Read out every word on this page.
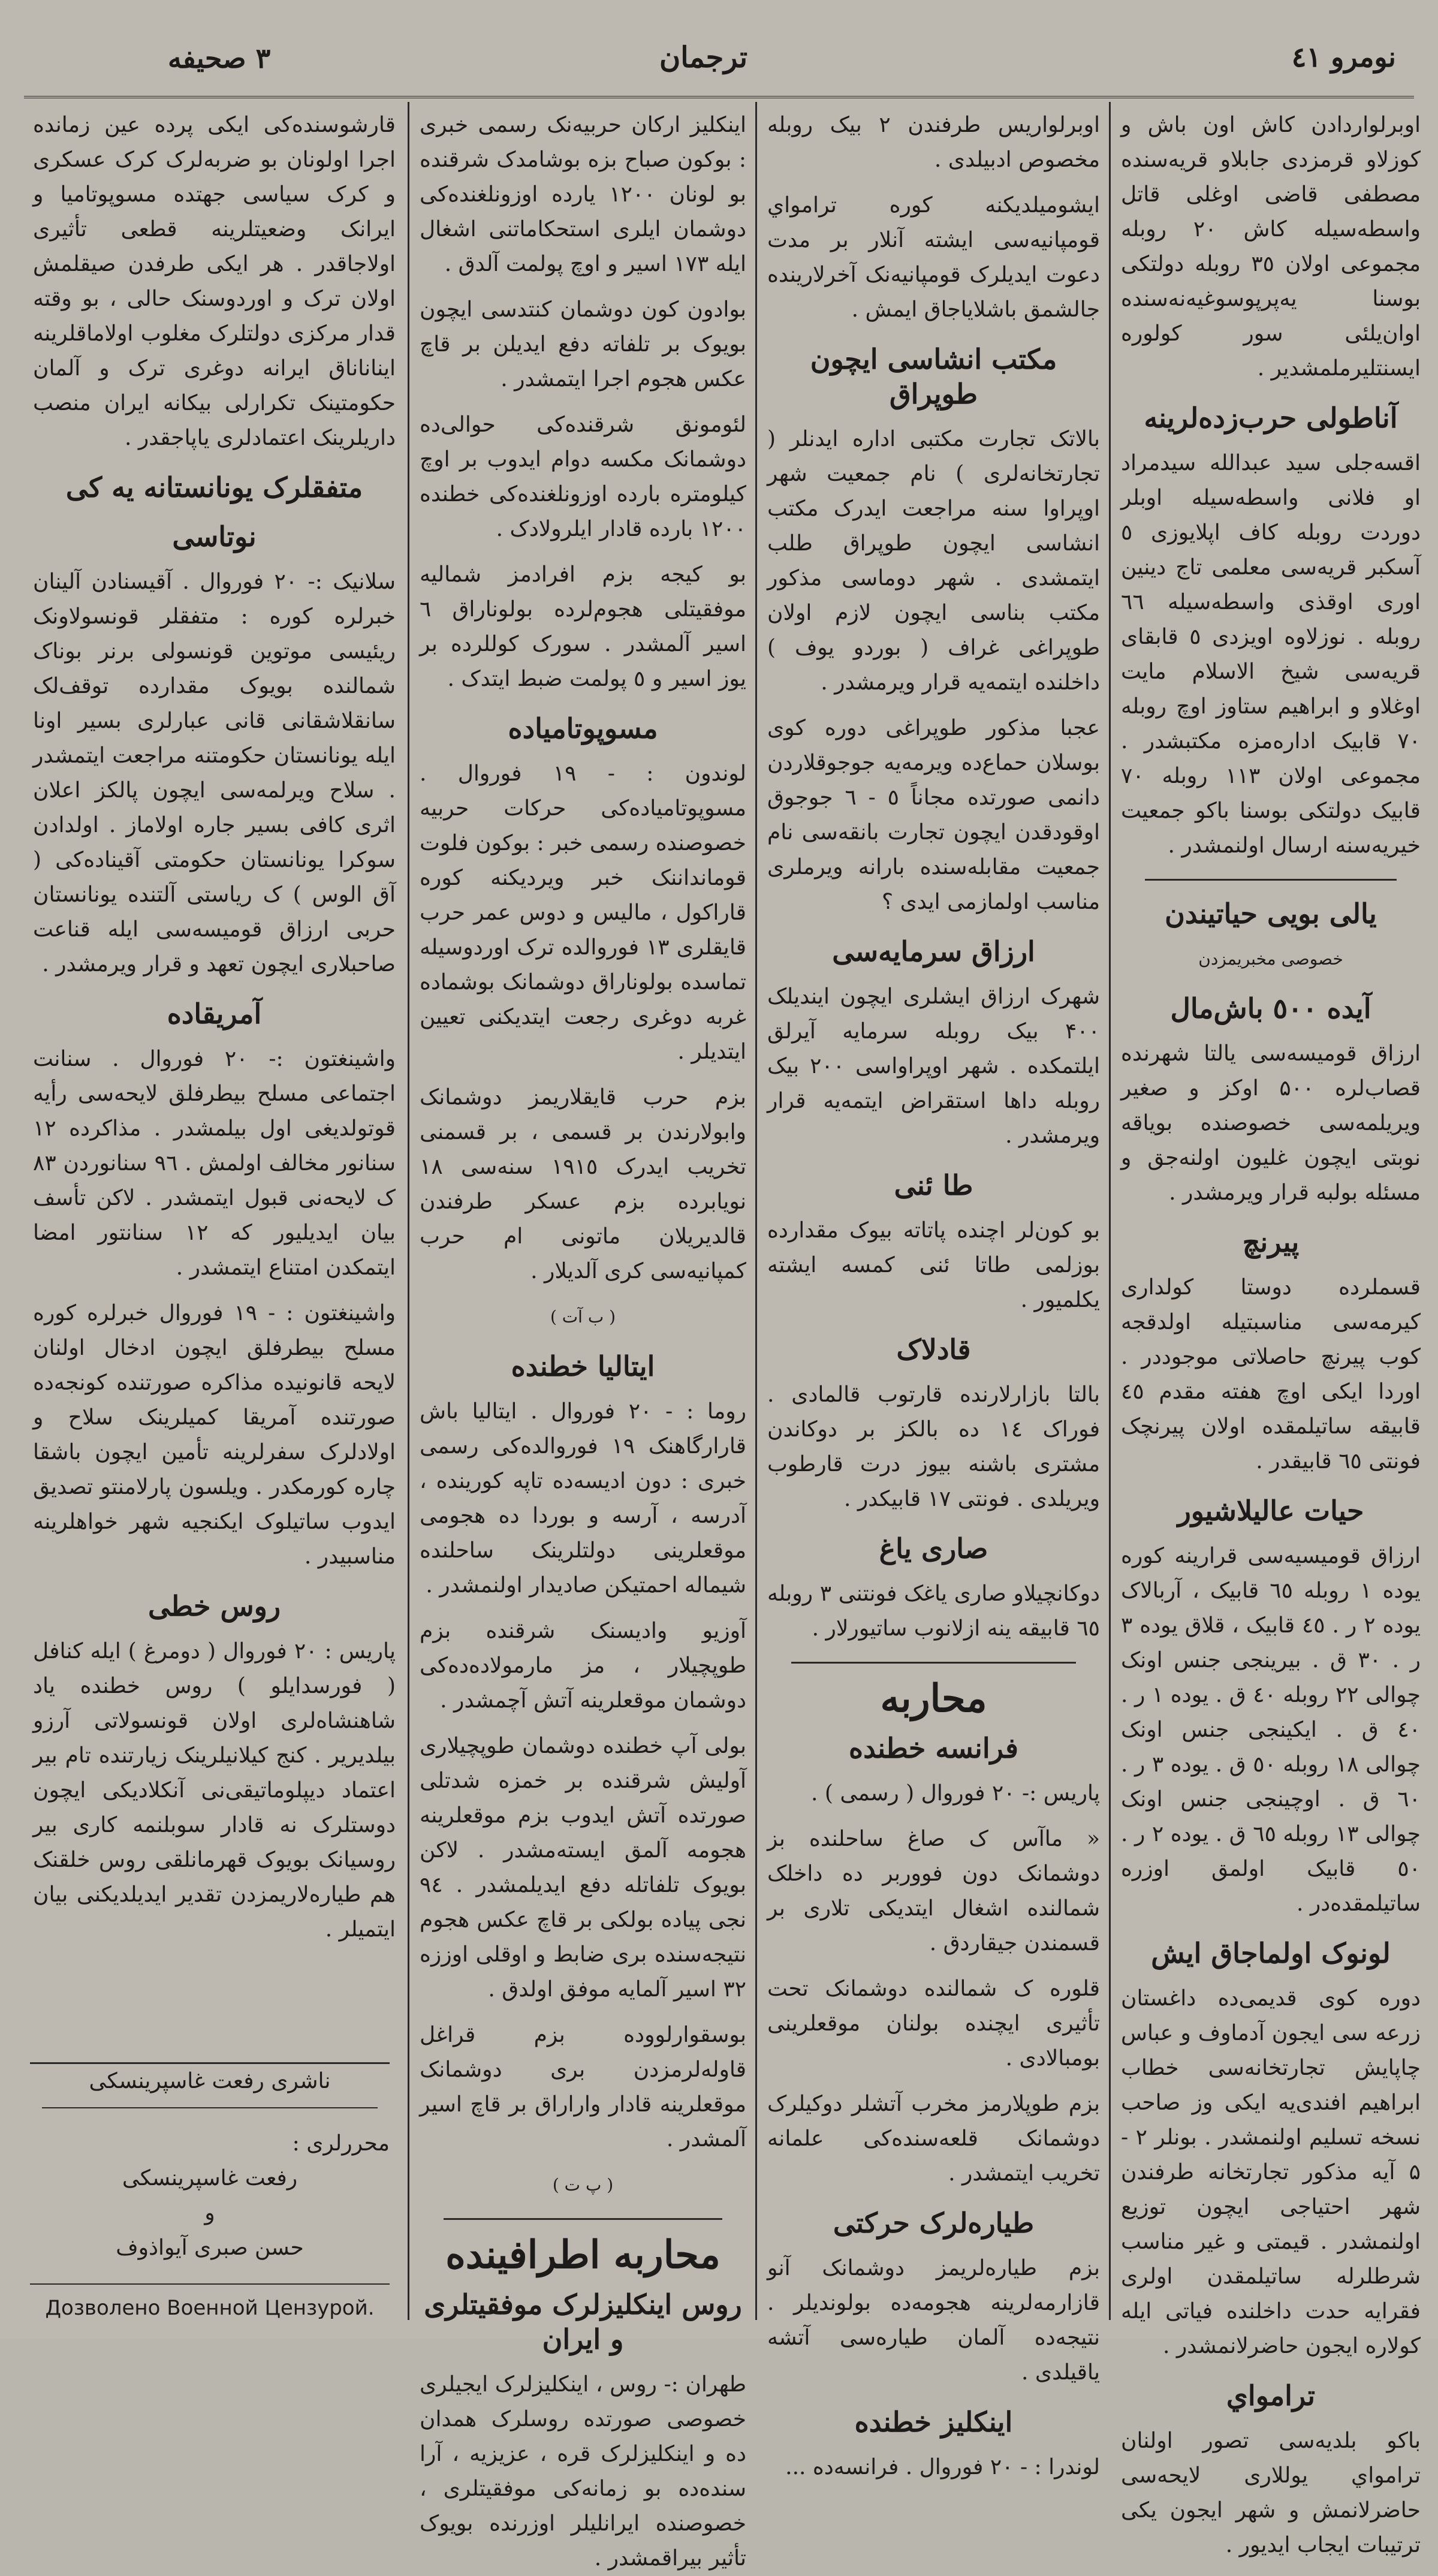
٣ صحیفه	ترجمان	نومرو ٤١

اوبرلواردادن کاش اون باش و کوزلاو قرمزدی جابلاو قریه‌سنده مصطفی قاضی اوغلی قاتل واسطه‌سیله کاش ٢٠ روبله مجموعی اولان ٣٥ روبله دولتکی بوسنا یه‌پرپوسوغیه‌نه‌سنده اوان‌یلئی سور کولوره ایسنتلیرملمشدیر .

آناطولی حرب‌زده‌لرینه

اقسه‌جلی سید عبدالله سیدمراد او فلانی واسطه‌سیله اوبلر دوردت روبله کاف اپلایوزی ٥ آسکبر قریه‌سی معلمی تاج دینین اوری اوقذی واسطه‌سیله ٦٦ روبله . نوزلاوه اویزدی ٥ قابقای قریه‌سی شیخ الاسلام مایت اوغلاو و ابراهیم ستاوز اوچ روبله ٧٠ قابیک اداره‌مزه مکتبشدر . مجموعی اولان ١١٣ روبله ٧٠ قابیک دولتکی بوسنا باکو جمعیت خیریه‌سنه ارسال اولنمشدر .

یالی بویی حیاتیندن
خصوصی مخبریمزدن
آیده ٥٠٠ باش‌مال

ارزاق قومیسه‌سی یالتا شهرنده قصاب‌لره ۵۰۰ اوکز و صغیر ویریلمه‌سی خصوصنده بویاقه نوبتی ایچون غلیون اولنه‌جق و مسئله بولبه قرار ویرمشدر .

پیرنچ

قسملرده دوستا کولداری کیرمه‌سی مناسبتیله اولدقجه کوب پیرنچ حاصلاتی موجوددر . اوردا ایکی اوچ هفته مقدم ٤٥ قابیقه ساتیلمقده اولان پیرنچک فونتی ٦٥ قابیقدر .

حیات عالیلاشیور

ارزاق قومیسیه‌سی قرارینه کوره یوده ١ روبله ٦٥ قابیک ، آربالاک یوده ٢ ر . ٤٥ قابیک ، قلاق یوده ٣ ر . ٣٠ ق . بیرینجی جنس اونک چوالی ٢٢ روبله ٤٠ ق . یوده ١ ر . ٤٠ ق . ایکینجی جنس اونک چوالی ١٨ روبله ٥٠ ق . یوده ٣ ر . ٦٠ ق . اوچینجی جنس اونک چوالی ١٣ روبله ٦٥ ق . یوده ٢ ر . ٥٠ قابیک اولمق اوزره ساتیلمقده‌در .

لونوک اولماجاق ایش

دوره کوی قدیمی‌ده داغستان زرعه سی ایجون آدماوف و عباس چاپایش تجارتخانه‌سی خطاب ابراهیم افندی‌یه ایکی وز صاحب نسخه تسلیم اولنمشدر . بونلر ۲ - ۵ آیه مذکور تجارتخانه طرفندن شهر احتیاجی ایچون توزیع اولنمشدر . قیمتی و غیر مناسب شرطلرله ساتیلمقدن اولری فقرایه حدت داخلنده فیاتی ایله کولاره ایجون حاضرلانمشدر .

ترامواي

باکو بلدیه‌سی تصور اولنان ترامواي یوللاری لایحه‌سی حاضرلانمش و شهر ایجون یکی ترتیبات ایجاب ایدیور .

اوبرلواریس طرفندن ٢ بیک روبله مخصوص ادبیلدی .

ایشومیلدیکنه کوره ترامواي قومپانیه‌سی ایشته آنلار بر مدت دعوت ایدیلرک قومپانیه‌نک آخرلارینده جالشمق باشلایاجاق ایمش .

مکتب انشاسی ایچون طوپراق

بالاتک تجارت مکتبی اداره ایدنلر ( تجارتخانه‌لری ) نام جمعیت شهر اوپراوا سنه مراجعت ایدرک مکتب انشاسی ایچون طوپراق طلب ایتمشدی . شهر دوماسی مذکور مکتب بناسی ایچون لازم اولان طوپراغی غراف ( بوردو یوف ) داخلنده ایتمه‌یه قرار ویرمشدر .

عجبا مذکور طوپراغی دوره کوی بوسلان حماع‌ده ویرمه‌یه جوجوقلاردن دانمی صورتده مجاناً ٥ - ٦ جوجوق اوقودقدن ایچون تجارت بانقه‌سی نام جمعیت مقابله‌سنده بارانه ویرملری مناسب اولمازمی ایدی ؟

ارزاق سرمایه‌سی

شهرک ارزاق ایشلری ایچون ایندیلک ۴۰۰ بیک روبله سرمایه آیرلق ایلتمکده . شهر اوپراواسی ٢٠٠ بیک روبله داها استقراض ایتمه‌یه قرار ویرمشدر .

طا ئنی

بو کون‌لر اچنده پاتاته بیوک مقدارده بوزلمی طاتا ئنی کمسه ایشته یکلمیور .

قادلاک

بالتا بازارلارنده قارتوب قالمادی . فوراک ١٤ ده بالکز بر دوکاندن مشتری باشنه بیوز درت قارطوب ویریلدی . فونتی ١٧ قابیکدر .

صاری یاغ

دوکانچیلاو صاری یاغک فونتنی ٣ روبله ٦٥ قابیقه ینه ازلانوب ساتیورلار .

محاربه
فرانسه خطنده

پاریس :- ٢٠ فوروال ( رسمی ) .

« ماآس ک صاغ ساحلنده بز دوشمانک دون فووربر ده داخلک شمالنده اشغال ایتدیکی تلاری بر قسمندن جیقاردق .

قلوره ک شمالنده دوشمانک تحت تأثیری ایچنده بولنان موقعلرینی بومبالادی .

بزم طوپلارمز مخرب آتشلر دوکیلرک دوشمانک قلعه‌سنده‌کی علمانه تخریب ایتمشدر .

طیاره‌لرک حرکتی

بزم طیاره‌لریمز دوشمانک آنو قازارمه‌لرینه هجومه‌ده بولوندیلر . نتیجه‌ده آلمان طیاره‌سی آتشه یاقیلدی .

اینکلیز خطنده

لوندرا : - ٢٠ فوروال . فرانسه‌ده ...

اینکلیز ارکان حربیه‌نک رسمی خبری : بوکون صباح بزه بوشامدک شرقنده بو لونان ١٢٠٠ یارده اوزونلغنده‌کی دوشمان ایلری استحکاماتنی اشغال ایله ١٧٣ اسیر و اوچ پولمت آلدق .

بوادون کون دوشمان کنتدسی ایچون بویوک بر تلفاته دفع ایدیلن بر قاچ عکس هجوم اجرا ایتمشدر .

لئومونق شرقنده‌کی حوالی‌ده دوشمانک مکسه دوام ایدوب بر اوچ کیلومتره بارده اوزونلغنده‌کی خطنده ١٢٠٠ بارده قادار ایلرولادک .

بو کیجه بزم افرادمز شمالیه موفقیتلی هجوم‌لرده بولوناراق ٦ اسیر آلمشدر . سورک کوللرده بر یوز اسیر و ٥ پولمت ضبط ایتدک .

مسوپوتامیاده

لوندون : - ١٩ فوروال . مسوپوتامیاده‌کی حرکات حربیه خصوصنده رسمی خبر : بوکون فلوت قومانداننک خبر ویردیکنه کوره قاراکول ، مالیس و دوس عمر حرب قایقلری ١٣ فوروالده ترک اوردوسیله تماسده بولوناراق دوشمانک بوشماده غربه دوغری رجعت ایتدیکنی تعیین ایتدیلر .

بزم حرب قایقلاریمز دوشمانک وابولارندن بر قسمی ، بر قسمنی تخریب ایدرک ١٩١٥ سنه‌سی ١٨ نویابرده بزم عسکر طرفندن قالدیریلان ماتونی ام حرب کمپانیه‌سی کری آلدیلار .

( ب آت )
ایتالیا خطنده

روما : - ٢٠ فوروال . ایتالیا باش قارارگاهنک ١٩ فوروالده‌کی رسمی خبری : دون ادیسه‌ده تاپه کورینده ، آدرسه ، آرسه و بوردا ده هجومی موقعلرینی دولتلرینک ساحلنده شیماله احمتیکن صادیدار اولنمشدر .

آوزیو وادیسنک شرقنده بزم طوپچیلار ، مز مارمولاده‌ده‌کی دوشمان موقعلرینه آتش آچمشدر .

بولی آپ خطنده دوشمان طوپچیلاری آولیش شرقنده بر خمزه شدتلی صورتده آتش ایدوب بزم موقعلرینه هجومه آلمق ایسته‌مشدر . لاکن بویوک تلفاتله دفع ایدیلمشدر . ٩٤ نجی پیاده بولکی بر قاچ عکس هجوم نتیجه‌سنده بری ضابط و اوقلی اوززه ٣٢ اسیر آلمایه موفق اولدق .

بوسقوارلووده بزم قراغل قاوله‌لرمزدن بری دوشمانک موقعلرینه قادار واراراق بر قاچ اسیر آلمشدر .

( پ ت )
محاربه اطرافینده
روس اینکلیزلرک موفقیتلری و ایران

طهران :- روس ، اینکلیزلرک ایجیلری خصوصی صورتده روسلرک همدان ده و اینکلیزلرک قره ، عزیزیه ، آرا سنده‌ده بو زمانه‌کی موفقیتلری ، خصوصنده ایرانلیلر اوزرنده بویوک تأثیر بیراقمشدر .

قارشوسنده‌کی ایکی پرده عین زمانده اجرا اولونان بو ضربه‌لرک کرک عسکری و کرک سیاسی جهتده مسوپوتامیا و ایرانک وضعیتلرینه قطعی تأثیری اولاجاقدر . هر ایکی طرفدن صیقلمش اولان ترک و اوردوسنک حالی ، بو وقته قدار مرکزی دولتلرک مغلوب اولاماقلرینه ایناناناق ایرانه دوغری ترک و آلمان حکومتینک تکرارلی بیکانه ایران منصب داریلرینک اعتمادلری یاپاجقدر .

متفقلرک یونانستانه یه کی
نوتاسی

سلانیک :- ٢٠ فوروال . آقیسنادن آلینان خبرلره کوره : متفقلر قونسولاونک ریئیسی موتوین قونسولی برنر بوناک شمالنده بویوک مقدارده توقف‌لک سانقلاشقانی قانی عبارلری بسیر اونا ایله یونانستان حکومتنه مراجعت ایتمشدر . سلاح ویرلمه‌سی ایچون پالکز اعلان اثری کافی بسیر جاره اولاماز . اولدادن سوکرا یونانستان حکومتی آقیناده‌کی ( آق الوس ) ک ریاستی آلتنده یونانستان حربی ارزاق قومیسه‌سی ایله قناعت صاحبلاری ایچون تعهد و قرار ویرمشدر .

آمریقاده

واشینغتون :- ٢٠ فوروال . سنانت اجتماعی مسلح بیطرفلق لایحه‌سی رأیه قوتولدیغی اول بیلمشدر . مذاکرده ١٢ سنانور مخالف اولمش . ٩٦ سنانوردن ٨٣ ک لایحه‌نی قبول ایتمشدر . لاکن تأسف بیان ایدیلیور که ١٢ سنانتور امضا ایتمکدن امتناع ایتمشدر .

واشینغتون : - ١٩ فوروال خبرلره کوره مسلح بیطرفلق ایچون ادخال اولنان لایحه قانونیده مذاکره صورتنده کونجه‌ده صورتنده آمریقا کمیلرینک سلاح و اولادلرک سفرلرینه تأمین ایچون باشقا چاره کورمکدر . ویلسون پارلامنتو تصدیق ایدوب ساتیلوک ایکنجیه شهر خواهلرینه مناسبیدر .

روس خطی

پاریس : ٢٠ فوروال ( دومرغ ) ایله کنافل ( فورسدایلو ) روس خطنده یاد شاهنشاه‌لری اولان قونسولاتی آرزو بیلدیریر . کنج کیلانیلرینک زیارتنده تام بیر اعتماد دیپلوماتیقی‌نی آنکلادیکی ایچون دوستلرک نه قادار سوبلنمه کاری بیر روسیانک بویوک قهرمانلقی روس خلقنک هم طیاره‌لاریمزدن تقدیر ایدیلدیکنی بیان ایتمیلر .

ناشری رفعت غاسپرینسکی
محررلری :
رفعت غاسپرینسکی
و
حسن صبری آیواذوف
Дозволено Военной Цензурой.
